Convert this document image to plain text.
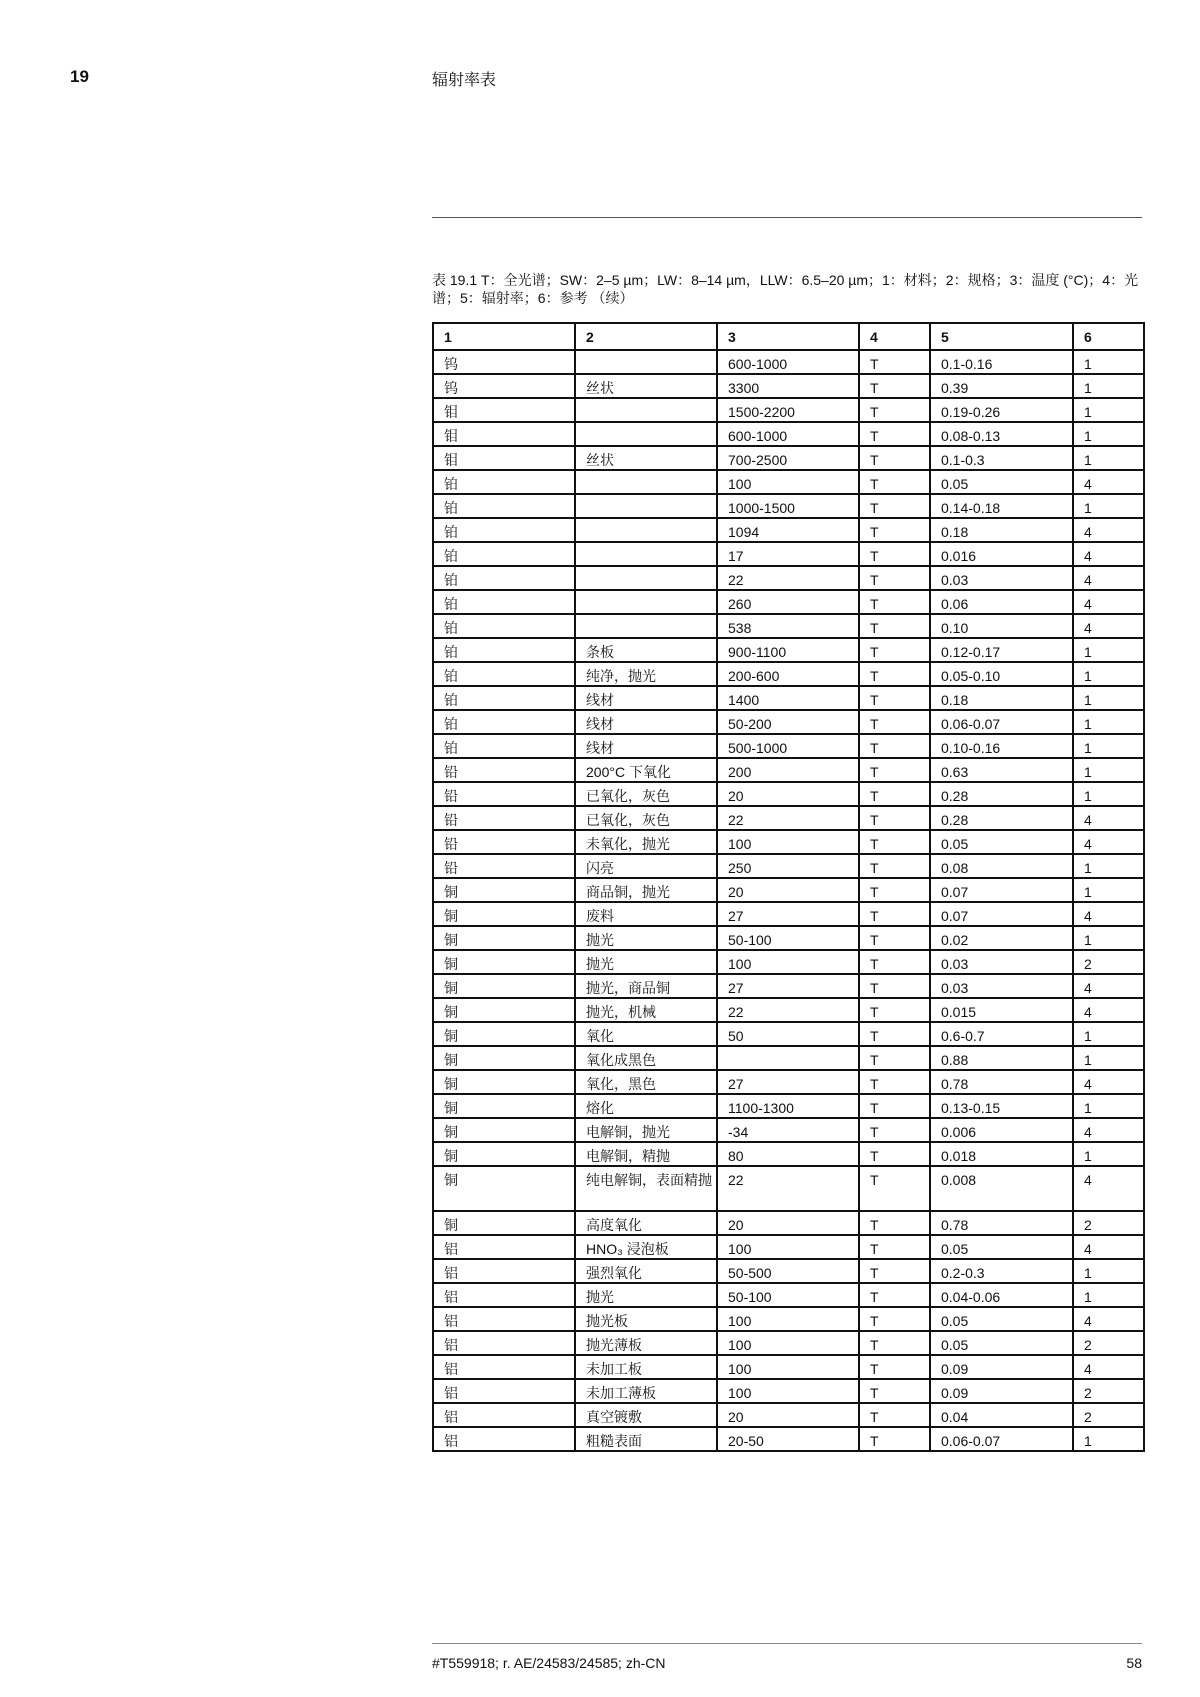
19	辐射率表
表 19.1 T：全光谱；SW：2–5 µm；LW：8–14 µm，LLW：6.5–20 µm；1：材料；2：规格；3：温度 (°C)；4：光谱；5：辐射率；6：参考 （续）
1	2	3	4	5	6
钨		600-1000	T	0.1-0.16	1
钨	丝状	3300	T	0.39	1
钼		1500-2200	T	0.19-0.26	1
钼		600-1000	T	0.08-0.13	1
钼	丝状	700-2500	T	0.1-0.3	1
铂		100	T	0.05	4
铂		1000-1500	T	0.14-0.18	1
铂		1094	T	0.18	4
铂		17	T	0.016	4
铂		22	T	0.03	4
铂		260	T	0.06	4
铂		538	T	0.10	4
铂	条板	900-1100	T	0.12-0.17	1
铂	纯净，抛光	200-600	T	0.05-0.10	1
铂	线材	1400	T	0.18	1
铂	线材	50-200	T	0.06-0.07	1
铂	线材	500-1000	T	0.10-0.16	1
铅	200°C 下氧化	200	T	0.63	1
铅	已氧化，灰色	20	T	0.28	1
铅	已氧化，灰色	22	T	0.28	4
铅	未氧化，抛光	100	T	0.05	4
铅	闪亮	250	T	0.08	1
铜	商品铜，抛光	20	T	0.07	1
铜	废料	27	T	0.07	4
铜	抛光	50-100	T	0.02	1
铜	抛光	100	T	0.03	2
铜	抛光，商品铜	27	T	0.03	4
铜	抛光，机械	22	T	0.015	4
铜	氧化	50	T	0.6-0.7	1
铜	氧化成黑色		T	0.88	1
铜	氧化，黑色	27	T	0.78	4
铜	熔化	1100-1300	T	0.13-0.15	1
铜	电解铜，抛光	-34	T	0.006	4
铜	电解铜，精抛	80	T	0.018	1
铜	纯电解铜，表面精抛	22	T	0.008	4
铜	高度氧化	20	T	0.78	2
铝	HNO₃ 浸泡板	100	T	0.05	4
铝	强烈氧化	50-500	T	0.2-0.3	1
铝	抛光	50-100	T	0.04-0.06	1
铝	抛光板	100	T	0.05	4
铝	抛光薄板	100	T	0.05	2
铝	未加工板	100	T	0.09	4
铝	未加工薄板	100	T	0.09	2
铝	真空镀敷	20	T	0.04	2
铝	粗糙表面	20-50	T	0.06-0.07	1
#T559918; r. AE/24583/24585; zh-CN	58
